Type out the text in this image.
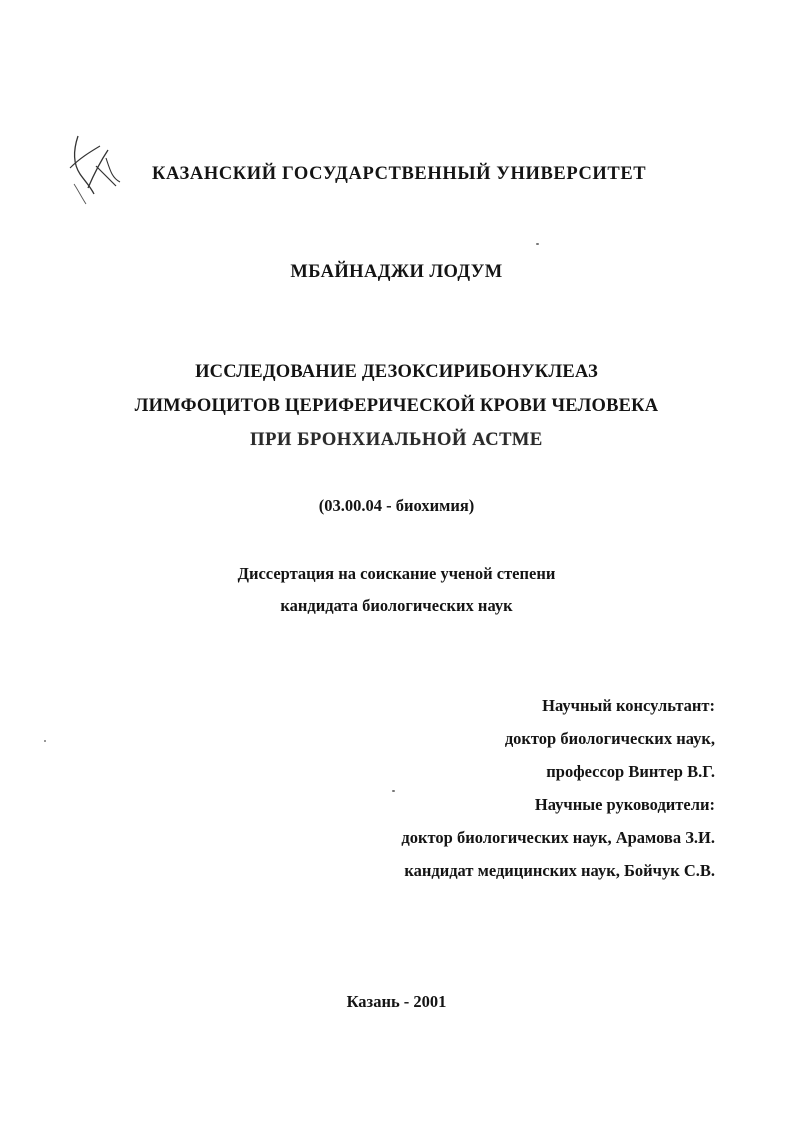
КАЗАНСКИЙ ГОСУДАРСТВЕННЫЙ УНИВЕРСИТЕТ
МБАЙНАДЖИ ЛОДУМ
ИССЛЕДОВАНИЕ ДЕЗОКСИРИБОНУКЛЕАЗ
ЛИМФОЦИТОВ ЦЕРИФЕРИЧЕСКОЙ КРОВИ ЧЕЛОВЕКА
ПРИ БРОНХИАЛЬНОЙ АСТМЕ
(03.00.04 - биохимия)
Диссертация на соискание ученой степени
кандидата биологических наук
Научный консультант:
доктор биологических наук,
профессор Винтер В.Г.
Научные руководители:
доктор биологических наук, Арамова З.И.
кандидат медицинских наук, Бойчук С.В.
Казань - 2001
